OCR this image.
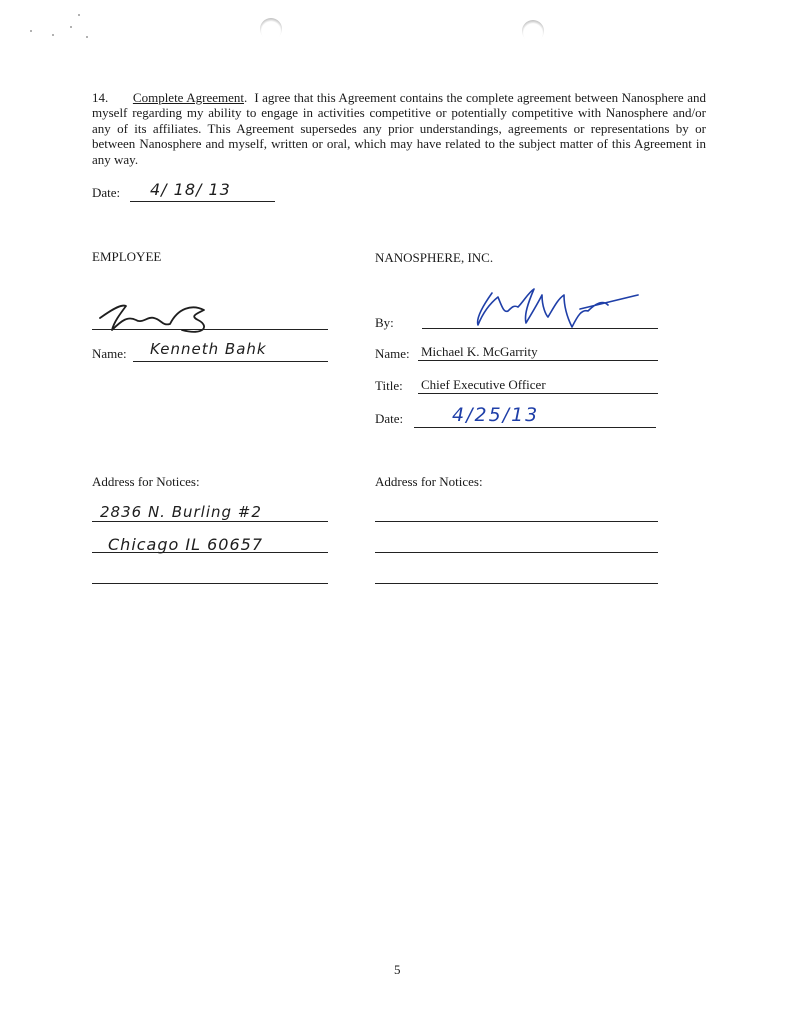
14. Complete Agreement.  I agree that this Agreement contains the complete agreement between Nanosphere and myself regarding my ability to engage in activities competitive or potentially competitive with Nanosphere and/or any of its affiliates. This Agreement supersedes any prior understandings, agreements or representations by or between Nanosphere and myself, written or oral, which may have related to the subject matter of this Agreement in any way.
Date: 4/ 18/ 13
EMPLOYEE	NANOSPHERE, INC.
Name: Kenneth Bahk
By:
Name: Michael K. McGarrity
Title: Chief Executive Officer
Date:	4/25/13
Address for Notices:
2836 N. Burling #2
Chicago IL 60657
Address for Notices:
5
